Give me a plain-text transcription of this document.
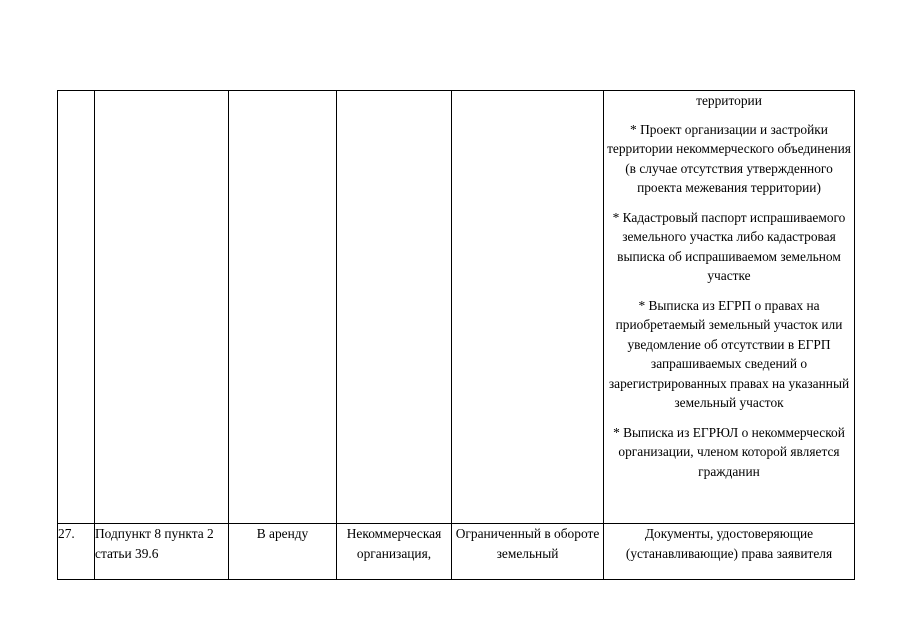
					территории

* Проект организации и застройки территории некоммерческого объединения (в случае отсутствия утвержденного проекта межевания территории)

* Кадастровый паспорт испрашиваемого земельного участка либо кадастровая выписка об испрашиваемом земельном участке

* Выписка из ЕГРП о правах на приобретаемый земельный участок или уведомление об отсутствии в ЕГРП запрашиваемых сведений о зарегистрированных правах на указанный земельный участок

* Выписка из ЕГРЮЛ о некоммерческой организации, членом которой является гражданин

27.	Подпункт 8 пункта 2 статьи 39.6	В аренду	Некоммерческая организация,	Ограниченный в обороте земельный	Документы, удостоверяющие (устанавливающие) права заявителя
